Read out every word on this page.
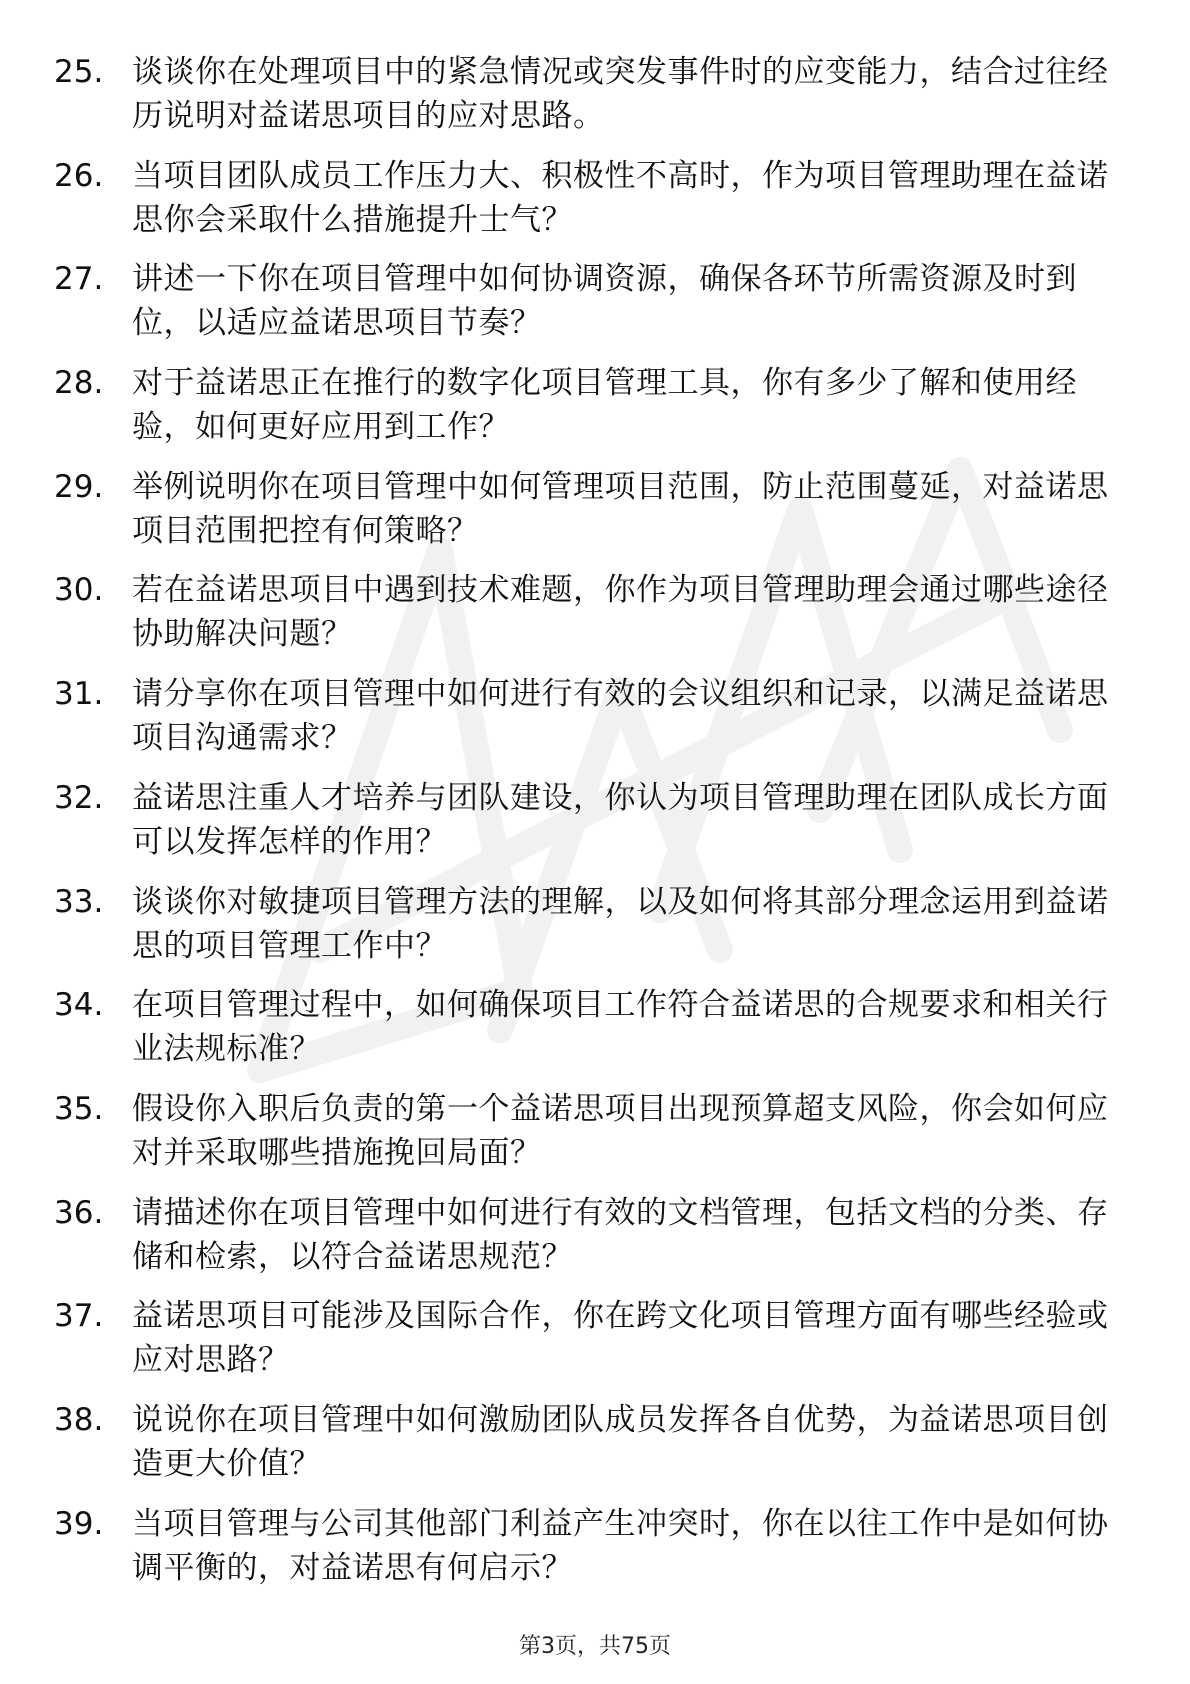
25. 谈谈你在处理项目中的紧急情况或突发事件时的应变能力，结合过往经历说明对益诺思项目的应对思路。
26. 当项目团队成员工作压力大、积极性不高时，作为项目管理助理在益诺思你会采取什么措施提升士气？
27. 讲述一下你在项目管理中如何协调资源，确保各环节所需资源及时到位，以适应益诺思项目节奏？
28. 对于益诺思正在推行的数字化项目管理工具，你有多少了解和使用经验，如何更好应用到工作？
29. 举例说明你在项目管理中如何管理项目范围，防止范围蔓延，对益诺思项目范围把控有何策略？
30. 若在益诺思项目中遇到技术难题，你作为项目管理助理会通过哪些途径协助解决问题？
31. 请分享你在项目管理中如何进行有效的会议组织和记录，以满足益诺思项目沟通需求？
32. 益诺思注重人才培养与团队建设，你认为项目管理助理在团队成长方面可以发挥怎样的作用？
33. 谈谈你对敏捷项目管理方法的理解，以及如何将其部分理念运用到益诺思的项目管理工作中？
34. 在项目管理过程中，如何确保项目工作符合益诺思的合规要求和相关行业法规标准？
35. 假设你入职后负责的第一个益诺思项目出现预算超支风险，你会如何应对并采取哪些措施挽回局面？
36. 请描述你在项目管理中如何进行有效的文档管理，包括文档的分类、存储和检索，以符合益诺思规范？
37. 益诺思项目可能涉及国际合作，你在跨文化项目管理方面有哪些经验或应对思路？
38. 说说你在项目管理中如何激励团队成员发挥各自优势，为益诺思项目创造更大价值？
39. 当项目管理与公司其他部门利益产生冲突时，你在以往工作中是如何协调平衡的，对益诺思有何启示？
第3页，共75页
